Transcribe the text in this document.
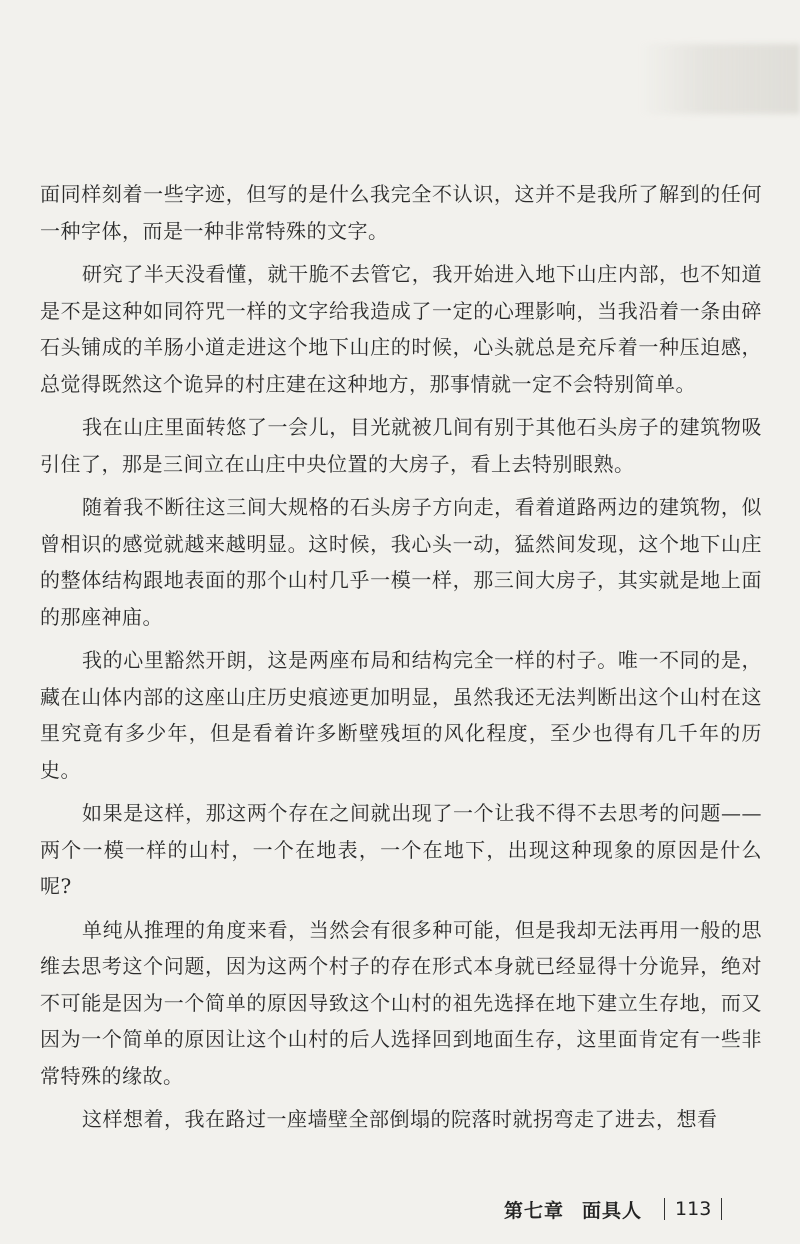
面同样刻着一些字迹，但写的是什么我完全不认识，这并不是我所了解到的任何一种字体，而是一种非常特殊的文字。

研究了半天没看懂，就干脆不去管它，我开始进入地下山庄内部，也不知道是不是这种如同符咒一样的文字给我造成了一定的心理影响，当我沿着一条由碎石头铺成的羊肠小道走进这个地下山庄的时候，心头就总是充斥着一种压迫感，总觉得既然这个诡异的村庄建在这种地方，那事情就一定不会特别简单。

我在山庄里面转悠了一会儿，目光就被几间有别于其他石头房子的建筑物吸引住了，那是三间立在山庄中央位置的大房子，看上去特别眼熟。

随着我不断往这三间大规格的石头房子方向走，看着道路两边的建筑物，似曾相识的感觉就越来越明显。这时候，我心头一动，猛然间发现，这个地下山庄的整体结构跟地表面的那个山村几乎一模一样，那三间大房子，其实就是地上面的那座神庙。

我的心里豁然开朗，这是两座布局和结构完全一样的村子。唯一不同的是，藏在山体内部的这座山庄历史痕迹更加明显，虽然我还无法判断出这个山村在这里究竟有多少年，但是看着许多断壁残垣的风化程度，至少也得有几千年的历史。

如果是这样，那这两个存在之间就出现了一个让我不得不去思考的问题——两个一模一样的山村，一个在地表，一个在地下，出现这种现象的原因是什么呢?

单纯从推理的角度来看，当然会有很多种可能，但是我却无法再用一般的思维去思考这个问题，因为这两个村子的存在形式本身就已经显得十分诡异，绝对不可能是因为一个简单的原因导致这个山村的祖先选择在地下建立生存地，而又因为一个简单的原因让这个山村的后人选择回到地面生存，这里面肯定有一些非常特殊的缘故。

这样想着，我在路过一座墙壁全部倒塌的院落时就拐弯走了进去，想看

第七章 面具人 113
